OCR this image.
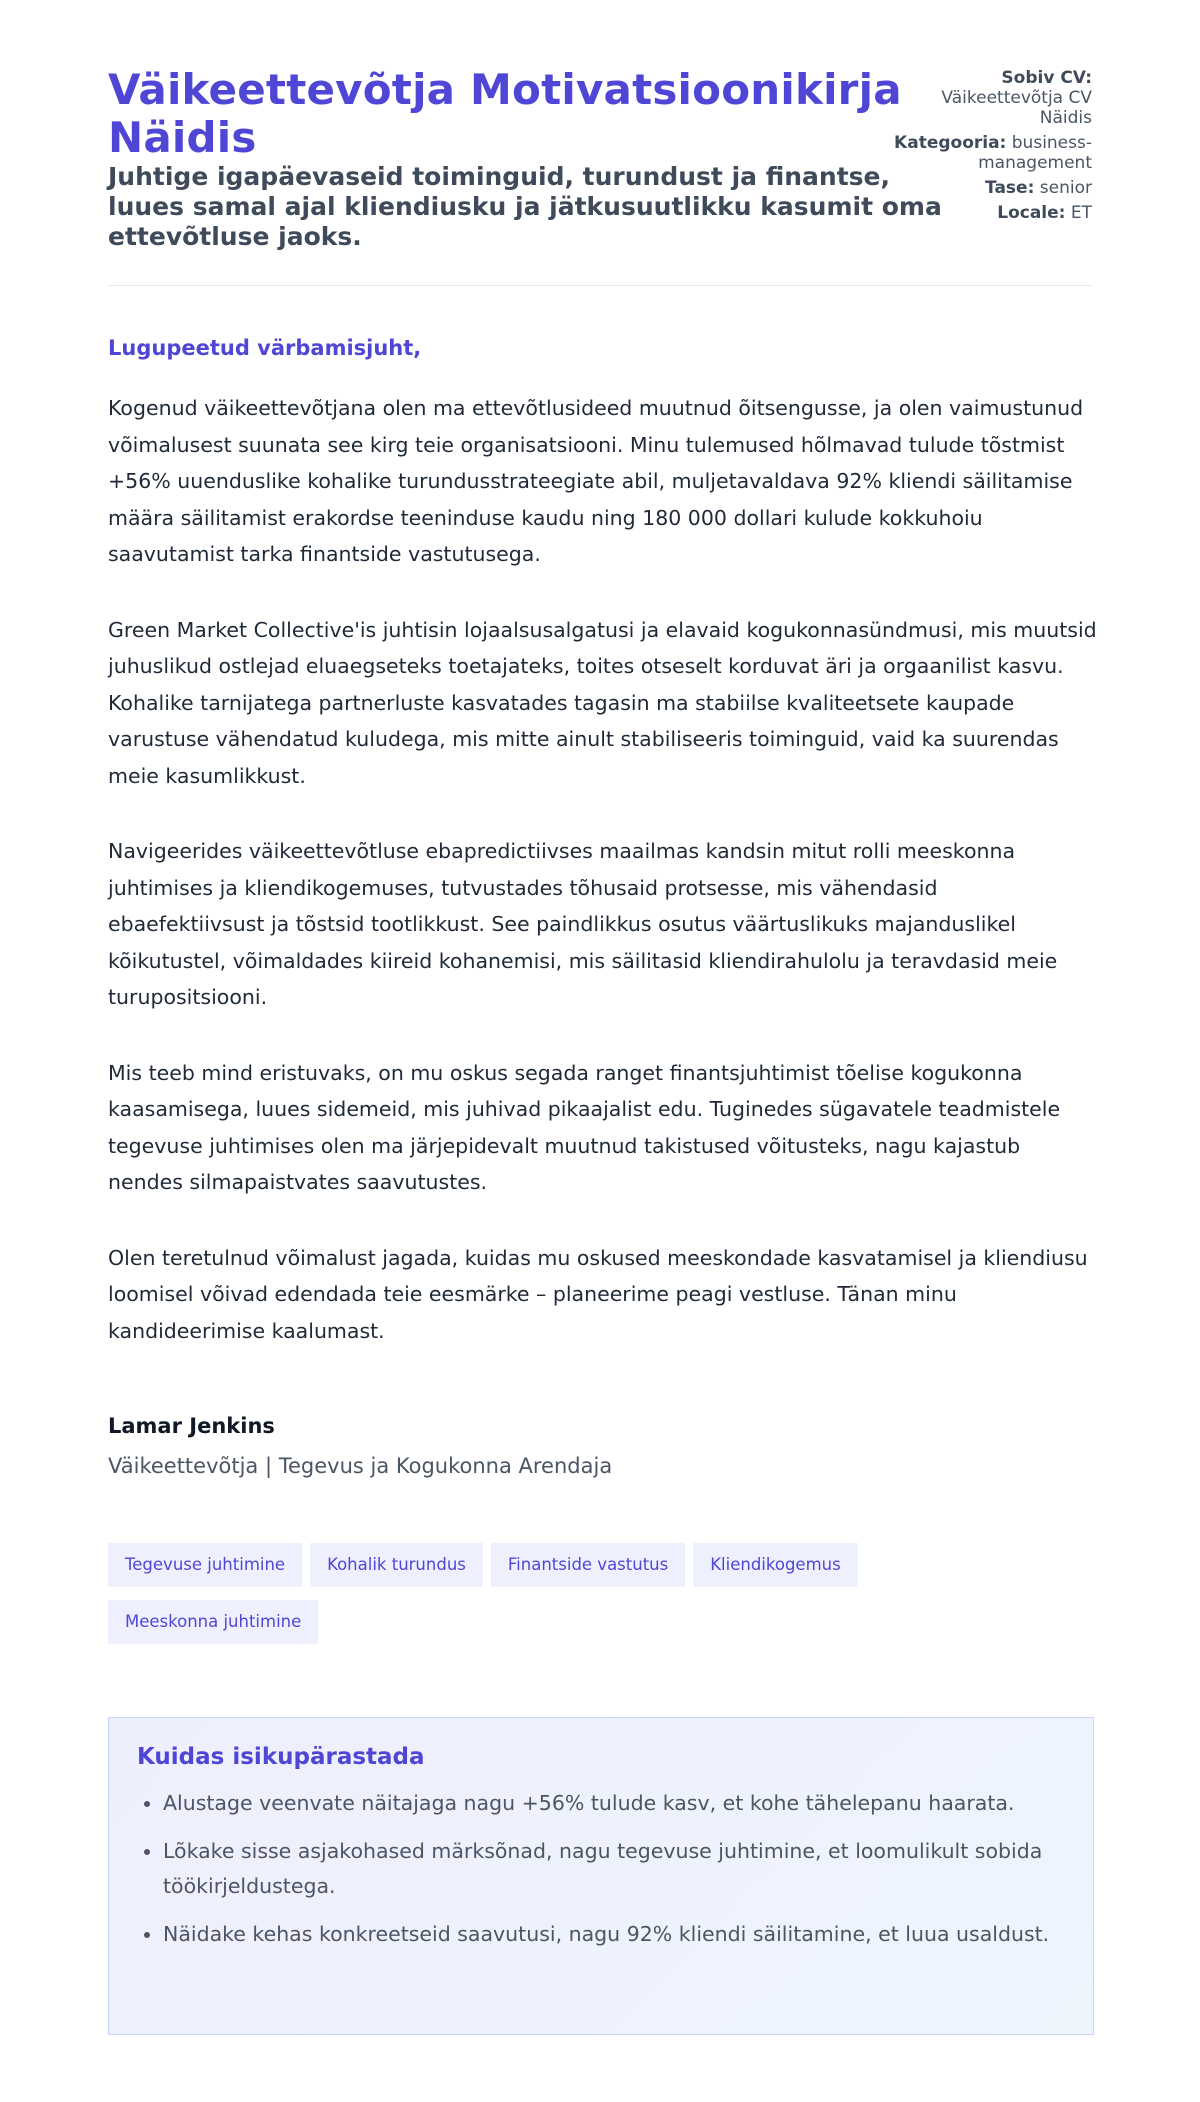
Väikeettevõtja Motivatsioonikirja Näidis
Juhtige igapäevaseid toiminguid, turundust ja finantse, luues samal ajal kliendiusku ja jätkusuutlikku kasumit oma ettevõtluse jaoks.
Sobiv CV: Väikeettevõtja CV Näidis
Kategooria: business-management
Tase: senior
Locale: ET

Lugupeetud värbamisjuht,

Kogenud väikeettevõtjana olen ma ettevõtlusideed muutnud õitsengusse, ja olen vaimustunud võimalusest suunata see kirg teie organisatsiooni. Minu tulemused hõlmavad tulude tõstmist +56% uuenduslike kohalike turundusstrateegiate abil, muljetavaldava 92% kliendi säilitamise määra säilitamist erakordse teeninduse kaudu ning 180 000 dollari kulude kokkuhoiu saavutamist tarka finantside vastutusega.

Green Market Collective'is juhtisin lojaalsusalgatusi ja elavaid kogukonnasündmusi, mis muutsid juhuslikud ostlejad eluaegseteks toetajateks, toites otseselt korduvat äri ja orgaanilist kasvu. Kohalike tarnijatega partnerluste kasvatades tagasin ma stabiilse kvaliteetsete kaupade varustuse vähendatud kuludega, mis mitte ainult stabiliseeris toiminguid, vaid ka suurendas meie kasumlikkust.

Navigeerides väikeettevõtluse ebapredictiivses maailmas kandsin mitut rolli meeskonna juhtimises ja kliendikogemuses, tutvustades tõhusaid protsesse, mis vähendasid ebaefektiivsust ja tõstsid tootlikkust. See paindlikkus osutus väärtuslikuks majanduslikel kõikutustel, võimaldades kiireid kohanemisi, mis säilitasid kliendirahulolu ja teravdasid meie turupositsiooni.

Mis teeb mind eristuvaks, on mu oskus segada ranget finantsjuhtimist tõelise kogukonna kaasamisega, luues sidemeid, mis juhivad pikaajalist edu. Tuginedes sügavatele teadmistele tegevuse juhtimises olen ma järjepidevalt muutnud takistused võitusteks, nagu kajastub nendes silmapaistvates saavutustes.

Olen teretulnud võimalust jagada, kuidas mu oskused meeskondade kasvatamisel ja kliendiusu loomisel võivad edendada teie eesmärke – planeerime peagi vestluse. Tänan minu kandideerimise kaalumast.

Lamar Jenkins

Väikeettevõtja | Tegevus ja Kogukonna Arendaja

Tegevuse juhtimine	Kohalik turundus	Finantside vastutus	KliendikogemusMeeskonna juhtimine
Kuidas isikupärastada
• Alustage veenvate näitajaga nagu +56% tulude kasv, et kohe tähelepanu haarata.
• Lõkake sisse asjakohased märksõnad, nagu tegevuse juhtimine, et loomulikult sobida töökirjeldustega.
• Näidake kehas konkreetseid saavutusi, nagu 92% kliendi säilitamine, et luua usaldust.
